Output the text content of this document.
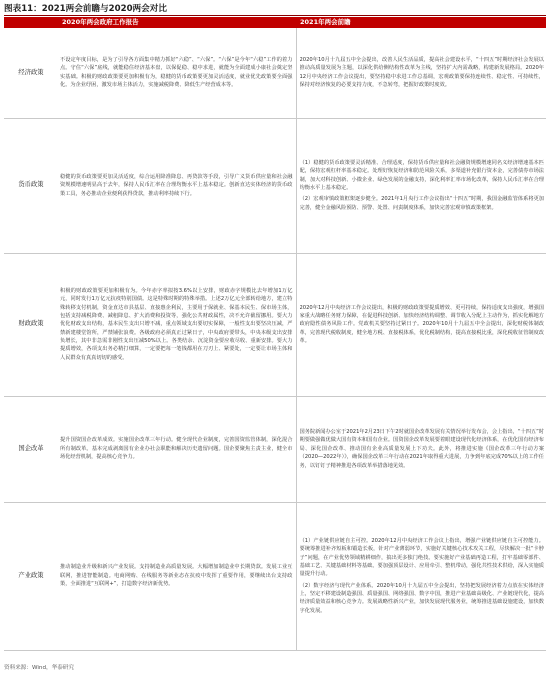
图表11：2021两会前瞻与2020两会对比
	2020年两会政府工作报告	2021年两会前瞻
经济政策	不设定年度目标，是为了引导各方面集中精力抓好“六稳”、“六保”。“六保”是今年“六稳”工作的着力点。守住“六保”底线，就能稳住经济基本盘，以保促稳、稳中求进，就能为全面建成小康社会奠定坚实基础。积极的财政政策要更加积极有为，稳健的货币政策要更加灵活适度，就业优先政策要全面强化。为企业纾困，激发市场主体活力，实施减税降费、降低生产经营成本等。	2020年10月十九届五中全会提出，改善人民生活品质，提高社会建设水平，“十四五”时期经济社会发展以推动高质量发展为主题，以深化供给侧结构性改革为主线，坚持扩大内需战略，构建新发展格局。2020年12月中央经济工作会议提出，要坚持稳中求进工作总基调，宏观政策要保持连续性、稳定性、可持续性，保持对经济恢复的必要支持力度，不急转弯，把握好政策时度效。

货币政策	稳健的货币政策要更加灵活适度，综合运用降准降息、再贷款等手段，引导广义货币供应量和社会融资规模增速明显高于去年，保持人民币汇率在合理均衡水平上基本稳定。创新直达实体经济的货币政策工具，务必推动企业便利获得贷款，推动利率持续下行。	（1）稳健的货币政策要灵活精准、合理适度，保持货币供应量和社会融资规模增速同名义经济增速基本匹配，保持宏观杠杆率基本稳定。处理好恢复经济和防范风险关系，多渠道补充银行资本金，完善债券市场法制，加大对科技创新、小微企业、绿色发展的金融支持，深化利率汇率市场化改革，保持人民币汇率在合理均衡水平上基本稳定。

（2）宏观审慎政策框架逐步健全。2021年1月央行工作会议指出“十四五”时期，我国金融监管体系将更加完善，健全金融风险预防、预警、处置、问责制度体系，加快完善宏观审慎政策框架。

财政政策	积极的财政政策要更加积极有为。今年赤字率拟按3.6%以上安排，财政赤字规模比去年增加1万亿元，同时发行1万亿元抗疫特别国债。这是特殊时期的特殊举措。上述2万亿元全部转给地方，建立特殊转移支付机制，资金直达市县基层、直接惠企利民，主要用于保就业、保基本民生、保市场主体，包括支持减税降费、减租降息、扩大消费和投资等，强化公共财政属性，决不允许截留挪用。要大力优化财政支出结构，基本民生支出只增不减，重点领域支出要切实保障，一般性支出要坚决压减，严禁新建楼堂馆所，严禁铺张浪费。各级政府必须真正过紧日子，中央政府要带头，中央本级支出安排负增长，其中非急需非刚性支出压减50%以上。各类结余、沉淀资金要应收尽收、重新安排。要大力提质增效，各项支出务必精打细算，一定要把每一笔钱都用在刀刃上、紧要处，一定要让市场主体和人民群众有真真切切的感受。	2020年12月中央经济工作会议提出，积极的财政政策要提质增效、更可持续，保持适度支出强度，增强国家重大战略任务财力保障，在促进科技创新、加快经济结构调整、调节收入分配上主动作为，抓实化解地方政府隐性债务风险工作。党政机关要坚持过紧日子。2020年10月十九届五中全会提出，深化财税体制改革，完善现代税收制度，健全地方税、直接税体系，优化税制结构，提高直接税比重，深化税收征管制度改革。

国企改革	提升国资国企改革成效。实施国企改革三年行动。健全现代企业制度，完善国资监管体制，深化混合所有制改革。基本完成剥离国有企业办社会职能和解决历史遗留问题。国企要聚焦主责主业，健全市场化经营机制，提高核心竞争力。	国务院新闻办公室于2021年2月23日下午2时就国企改革发展有关情况举行发布会，会上指出，“十四五”时期要做强做优做大国有资本和国有企业。国资国企改革发展要着眼建设现代化经济体系，在优化国有经济布局、深化国企改革、推动国有企业高质量发展上下功夫。此外，将推进实施《国企改革三年行动方案（2020—2022年）》，确保国企改革三年行动在2021年取得重大进展，力争到年底完成70%以上的工作任务，以钉钉子精神推进各项改革举措落地见效。

产业政策	推动制造业升级和新兴产业发展。支持制造业高质量发展。大幅增加制造业中长期贷款。发展工业互联网，推进智能制造。电商网购、在线服务等新业态在抗疫中发挥了重要作用，要继续出台支持政策，全面推进“互联网+”，打造数字经济新优势。	（1）产业链供应链自主可控。2020年12月中央经济工作会议上指出，增强产业链供应链自主可控能力。要统筹推进补齐短板和锻造长板，针对产业薄弱环节，实施好关键核心技术攻关工程，尽快解决一批“卡脖子”问题，在产业优势领域精耕细作，搞出更多独门绝技。要实施好产业基础再造工程，打牢基础零部件、基础工艺、关键基础材料等基础。要加强顶层设计、应用牵引、整机带动，强化共性技术供给，深入实施质量提升行动。

（2）数字经济与现代产业体系。2020年10月十九届五中全会提出，坚持把发展经济着力点放在实体经济上，坚定不移建设制造强国、质量强国、网络强国、数字中国，推进产业基础高级化、产业链现代化，提高经济质量效益和核心竞争力。发展战略性新兴产业，加快发展现代服务业，统筹推进基础设施建设，加快数字化发展。

资料来源：Wind，华泰研究
